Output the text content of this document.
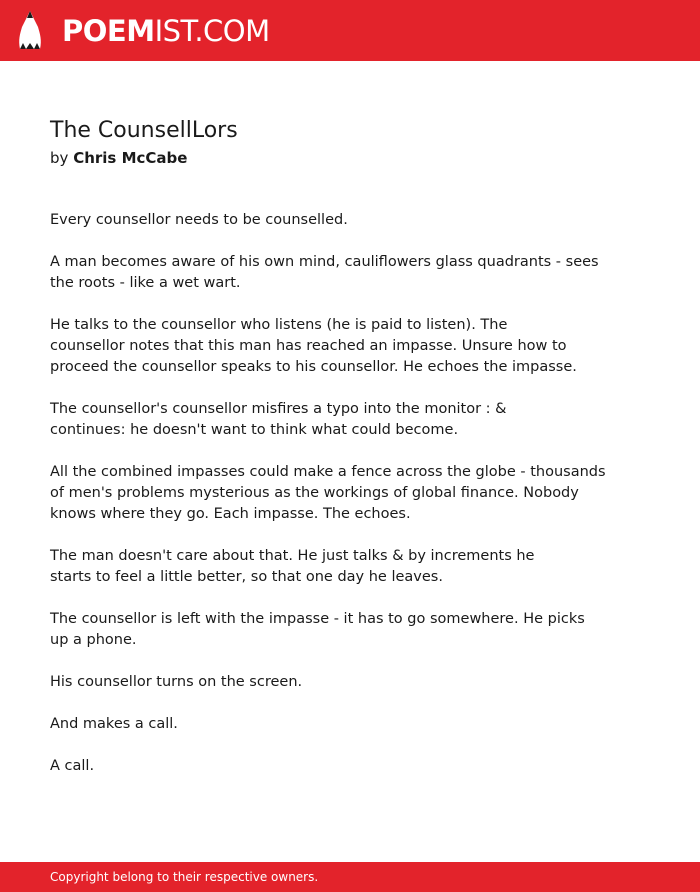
POEMIST.COM
The CounsellLors
by Chris McCabe

Every counsellor needs to be counselled.

A man becomes aware of his own mind, cauliflowers glass quadrants - sees
the roots - like a wet wart.

He talks to the counsellor who listens (he is paid to listen). The
counsellor notes that this man has reached an impasse. Unsure how to
proceed the counsellor speaks to his counsellor. He echoes the impasse.

The counsellor's counsellor misfires a typo into the monitor : &
continues: he doesn't want to think what could become.

All the combined impasses could make a fence across the globe - thousands
of men's problems mysterious as the workings of global finance. Nobody
knows where they go. Each impasse. The echoes.

The man doesn't care about that. He just talks & by increments he
starts to feel a little better, so that one day he leaves.

The counsellor is left with the impasse - it has to go somewhere. He picks
up a phone.

His counsellor turns on the screen.

And makes a call.

A call.

Copyright belong to their respective owners.
